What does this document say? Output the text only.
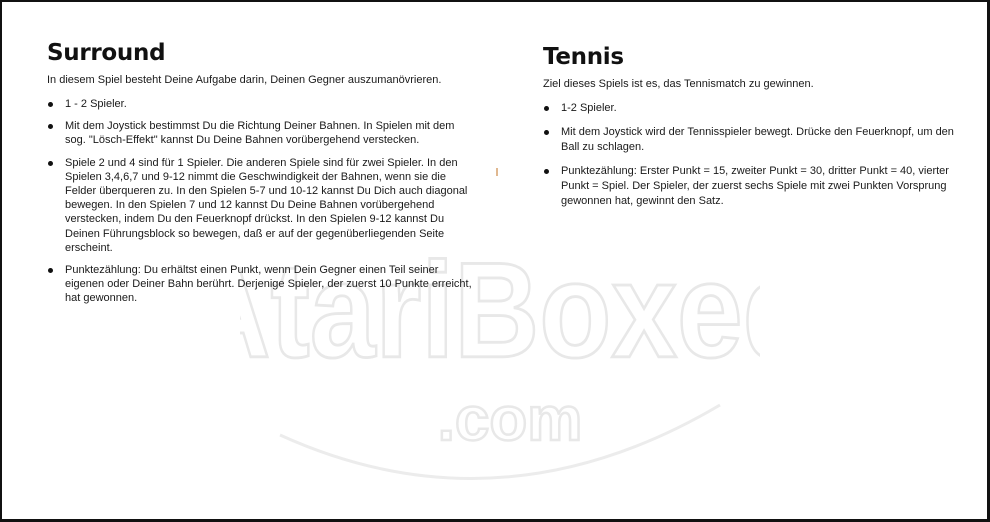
tariBoxe
.com
Surround

In diesem Spiel besteht Deine Aufgabe darin, Deinen Gegner auszumanövrieren.

1 - 2 Spieler.
Mit dem Joystick bestimmst Du die Richtung Deiner Bahnen. In Spielen mit dem sog. "Lösch-Effekt" kannst Du Deine Bahnen vorübergehend verstecken.
Spiele 2 und 4 sind für 1 Spieler. Die anderen Spiele sind für zwei Spieler. In den Spielen 3,4,6,7 und 9-12 nimmt die Geschwindigkeit der Bahnen, wenn sie die Felder überqueren zu. In den Spielen 5-7 und 10-12 kannst Du Dich auch diagonal bewegen. In den Spielen 7 und 12 kannst Du Deine Bahnen vorübergehend verstecken, indem Du den Feuerknopf drückst. In den Spielen 9-12 kannst Du Deinen Führungsblock so bewegen, daß er auf der gegenüberliegenden Seite erscheint.
Punktezählung: Du erhältst einen Punkt, wenn Dein Gegner einen Teil seiner eigenen oder Deiner Bahn berührt. Derjenige Spieler, der zuerst 10 Punkte erreicht, hat gewonnen.
Tennis

Ziel dieses Spiels ist es, das Tennismatch zu gewinnen.

1-2 Spieler.
Mit dem Joystick wird der Tennisspieler bewegt. Drücke den Feuerknopf, um den Ball zu schlagen.
Punktezählung: Erster Punkt = 15, zweiter Punkt = 30, dritter Punkt = 40, vierter Punkt = Spiel. Der Spieler, der zuerst sechs Spiele mit zwei Punkten Vorsprung gewonnen hat, gewinnt den Satz.
